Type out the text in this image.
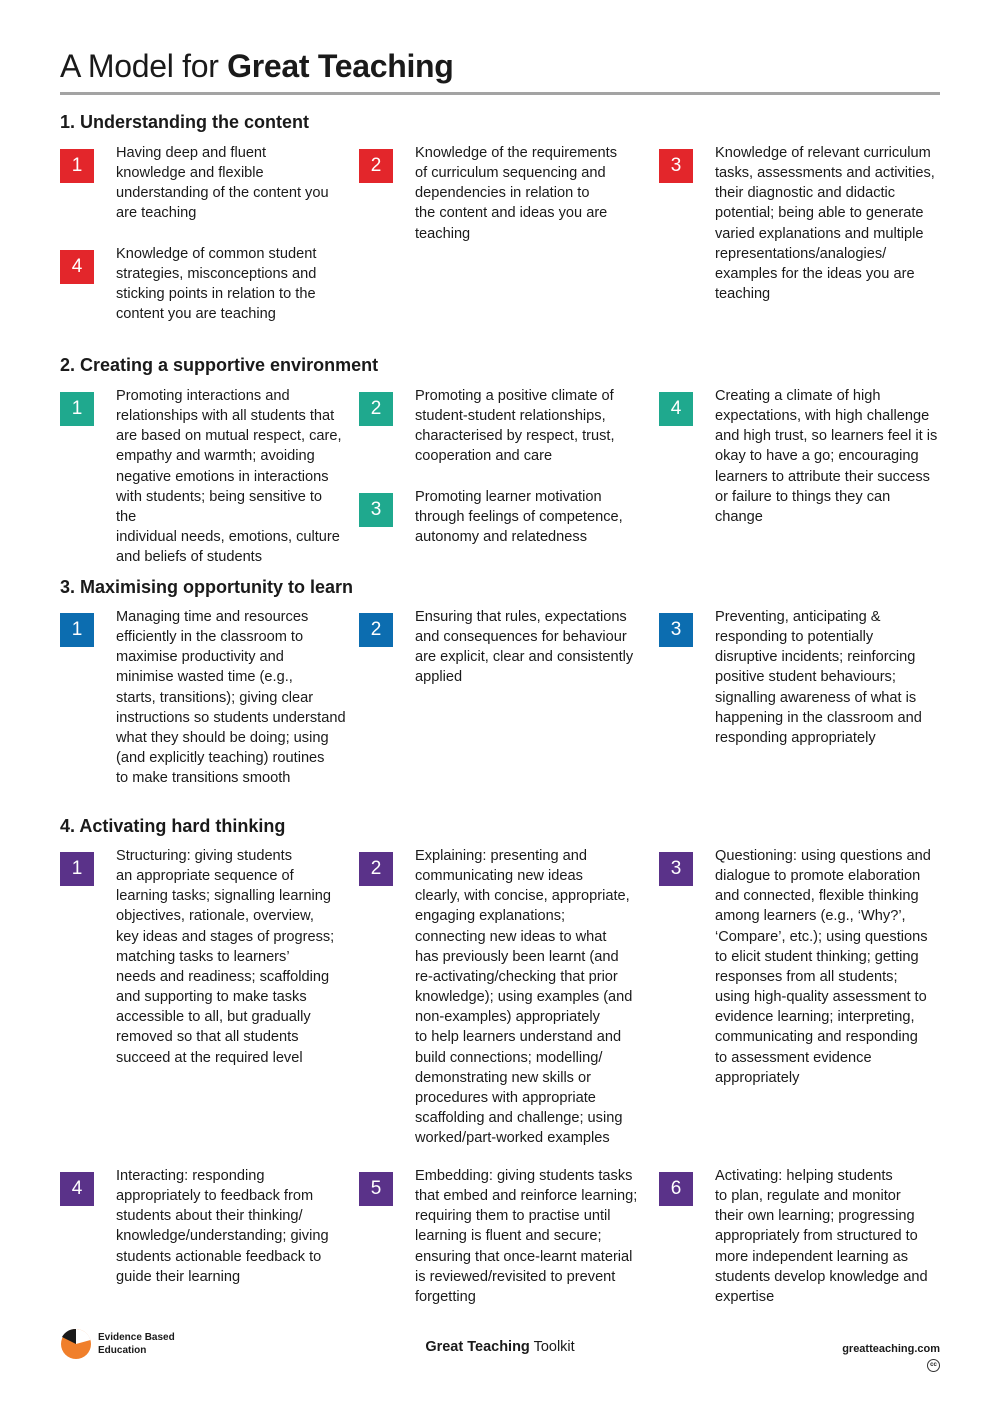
A Model for Great Teaching
1. Understanding the content
1
Having deep and fluent
knowledge and flexible
understanding of the content you
are teaching
2
Knowledge of the requirements
of curriculum sequencing and
dependencies in relation to
the content and ideas you are
teaching
3
Knowledge of relevant curriculum
tasks, assessments and activities,
their diagnostic and didactic
potential; being able to generate
varied explanations and multiple
representations/analogies/
examples for the ideas you are
teaching
4
Knowledge of common student
strategies, misconceptions and
sticking points in relation to the
content you are teaching
2. Creating a supportive environment
1
Promoting interactions and
relationships with all students that
are based on mutual respect, care,
empathy and warmth; avoiding
negative emotions in interactions
with students; being sensitive to the
individual needs, emotions, culture
and beliefs of students
2
Promoting a positive climate of
student-student relationships,
characterised by respect, trust,
cooperation and care
3
Promoting learner motivation
through feelings of competence,
autonomy and relatedness
4
Creating a climate of high
expectations, with high challenge
and high trust, so learners feel it is
okay to have a go; encouraging
learners to attribute their success
or failure to things they can
change
3. Maximising opportunity to learn
1
Managing time and resources
efficiently in the classroom to
maximise productivity and
minimise wasted time (e.g.,
starts, transitions); giving clear
instructions so students understand
what they should be doing; using
(and explicitly teaching) routines
to make transitions smooth
2
Ensuring that rules, expectations
and consequences for behaviour
are explicit, clear and consistently
applied
3
Preventing, anticipating &
responding to potentially
disruptive incidents; reinforcing
positive student behaviours;
signalling awareness of what is
happening in the classroom and
responding appropriately
4. Activating hard thinking
1
Structuring: giving students
an appropriate sequence of
learning tasks; signalling learning
objectives, rationale, overview,
key ideas and stages of progress;
matching tasks to learners’
needs and readiness; scaffolding
and supporting to make tasks
accessible to all, but gradually
removed so that all students
succeed at the required level
2
Explaining: presenting and
communicating new ideas
clearly, with concise, appropriate,
engaging explanations;
connecting new ideas to what
has previously been learnt (and
re-activating/checking that prior
knowledge); using examples (and
non-examples) appropriately
to help learners understand and
build connections; modelling/
demonstrating new skills or
procedures with appropriate
scaffolding and challenge; using
worked/part-worked examples
3
Questioning: using questions and
dialogue to promote elaboration
and connected, flexible thinking
among learners (e.g., ‘Why?’,
‘Compare’, etc.); using questions
to elicit student thinking; getting
responses from all students;
using high-quality assessment to
evidence learning; interpreting,
communicating and responding
to assessment evidence
appropriately
4
Interacting: responding
appropriately to feedback from
students about their thinking/
knowledge/understanding; giving
students actionable feedback to
guide their learning
5
Embedding: giving students tasks
that embed and reinforce learning;
requiring them to practise until
learning is fluent and secure;
ensuring that once-learnt material
is reviewed/revisited to prevent
forgetting
6
Activating: helping students
to plan, regulate and monitor
their own learning; progressing
appropriately from structured to
more independent learning as
students develop knowledge and
expertise
Evidence Based
Education	Great Teaching Toolkit	greatteaching.com
cc
